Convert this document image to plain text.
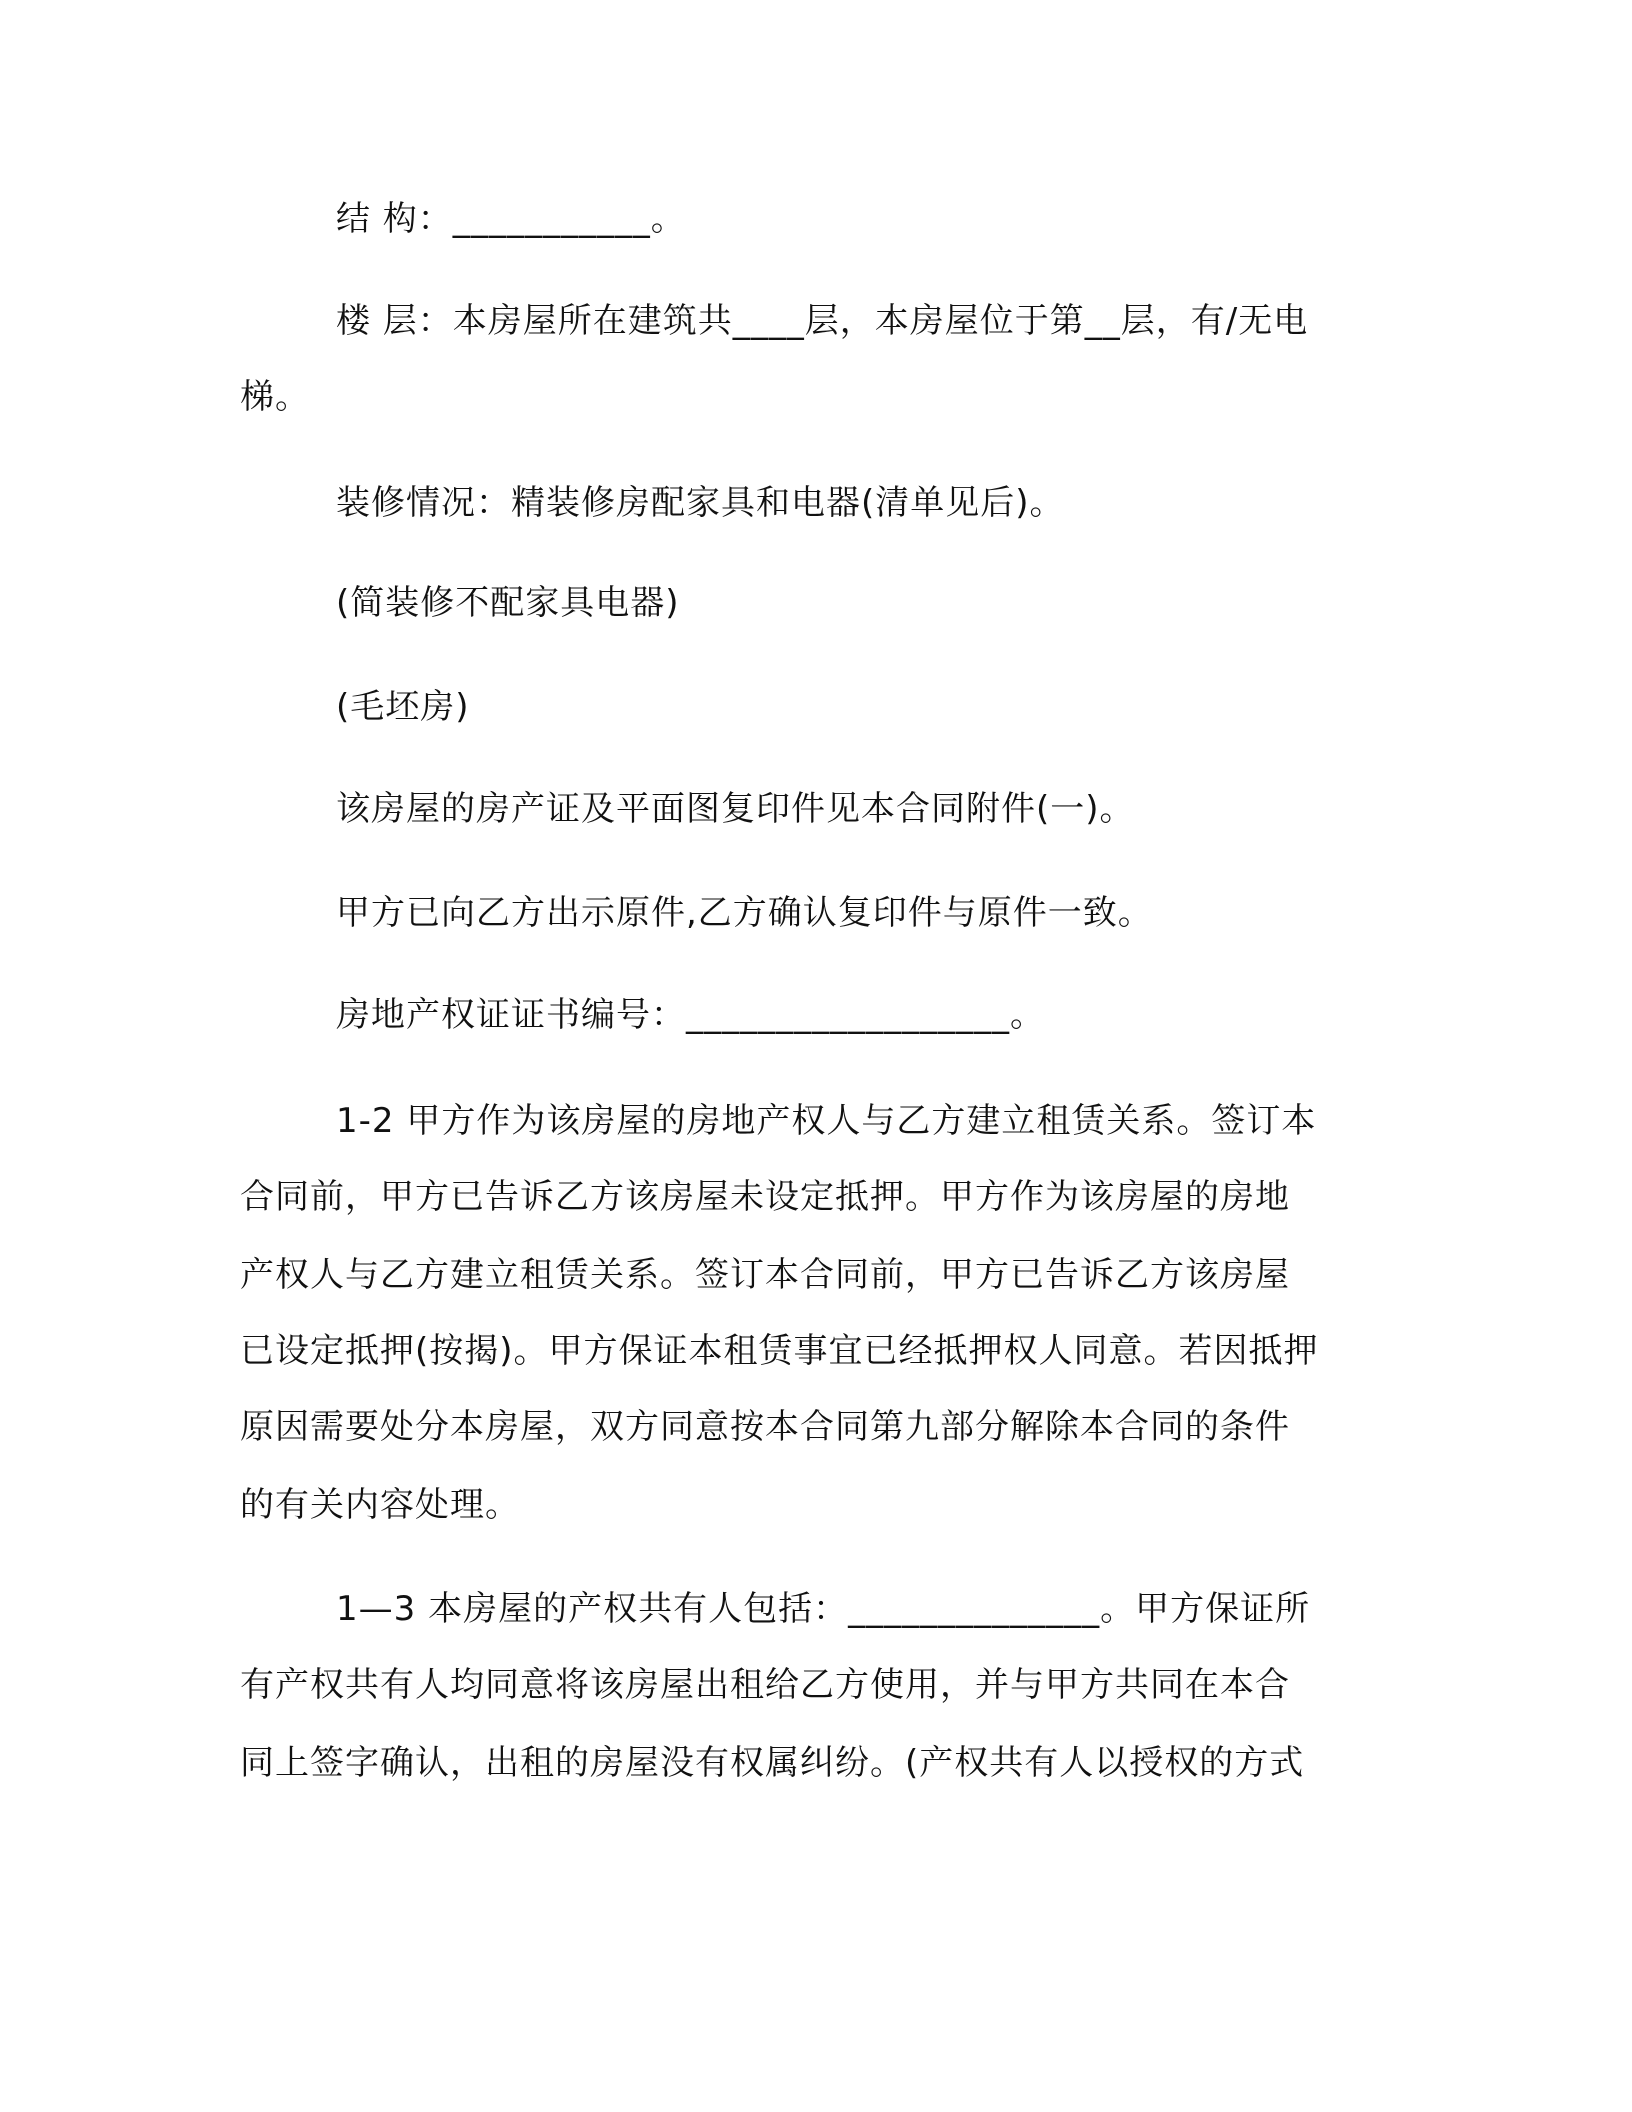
结 构：___________。
楼 层：本房屋所在建筑共____层，本房屋位于第__层，有/无电
梯。
装修情况：精装修房配家具和电器(清单见后)。
(简装修不配家具电器)
(毛坯房)
该房屋的房产证及平面图复印件见本合同附件(一)。
甲方已向乙方出示原件,乙方确认复印件与原件一致。
房地产权证证书编号：__________________。
1-2 甲方作为该房屋的房地产权人与乙方建立租赁关系。签订本
合同前，甲方已告诉乙方该房屋未设定抵押。甲方作为该房屋的房地
产权人与乙方建立租赁关系。签订本合同前，甲方已告诉乙方该房屋
已设定抵押(按揭)。甲方保证本租赁事宜已经抵押权人同意。若因抵押
原因需要处分本房屋，双方同意按本合同第九部分解除本合同的条件
的有关内容处理。
1—3 本房屋的产权共有人包括：______________。甲方保证所
有产权共有人均同意将该房屋出租给乙方使用，并与甲方共同在本合
同上签字确认，出租的房屋没有权属纠纷。(产权共有人以授权的方式
